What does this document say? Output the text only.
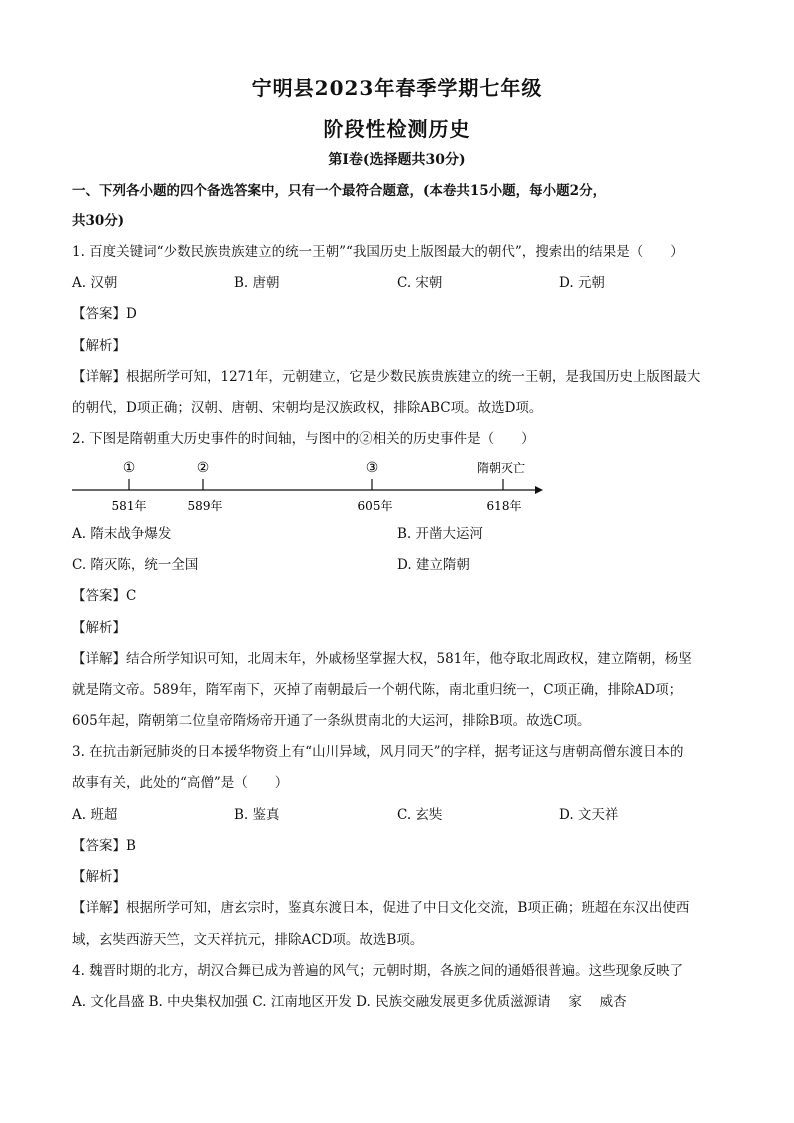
宁明县2023年春季学期七年级
阶段性检测历史
第Ⅰ卷(选择题共30分)
一、下列各小题的四个备选答案中，只有一个最符合题意，(本卷共15小题，每小题2分，
共30分)
1. 百度关键词“少数民族贵族建立的统一王朝”“我国历史上版图最大的朝代”，搜索出的结果是（　　）
A. 汉朝	B. 唐朝	C. 宋朝	D. 元朝
【答案】D
【解析】
【详解】根据所学可知，1271年，元朝建立，它是少数民族贵族建立的统一王朝，是我国历史上版图最大
的朝代，D项正确；汉朝、唐朝、宋朝均是汉族政权，排除ABC项。故选D项。
2. 下图是隋朝重大历史事件的时间轴，与图中的②相关的历史事件是（　　）
①	②	③	隋朝灭亡
581年	589年	605年	618年
A. 隋末战争爆发	B. 开凿大运河
C. 隋灭陈，统一全国	D. 建立隋朝
【答案】C
【解析】
【详解】结合所学知识可知，北周末年，外戚杨坚掌握大权，581年，他夺取北周政权，建立隋朝，杨坚
就是隋文帝。589年，隋军南下，灭掉了南朝最后一个朝代陈，南北重归统一，C项正确，排除AD项；
605年起，隋朝第二位皇帝隋炀帝开通了一条纵贯南北的大运河，排除B项。故选C项。
3. 在抗击新冠肺炎的日本援华物资上有“山川异域，风月同天”的字样，据考证这与唐朝高僧东渡日本的
故事有关，此处的“高僧”是（　　）
A. 班超	B. 鉴真	C. 玄奘	D. 文天祥
【答案】B
【解析】
【详解】根据所学可知，唐玄宗时，鉴真东渡日本，促进了中日文化交流，B项正确；班超在东汉出使西
域，玄奘西游天竺，文天祥抗元，排除ACD项。故选B项。
4. 魏晋时期的北方，胡汉合舞已成为普遍的风气；元朝时期，各族之间的通婚很普遍。这些现象反映了
A. 文化昌盛 B. 中央集权加强 C. 江南地区开发 D. 民族交融发展更多优质滋源请　 家　 威杏
